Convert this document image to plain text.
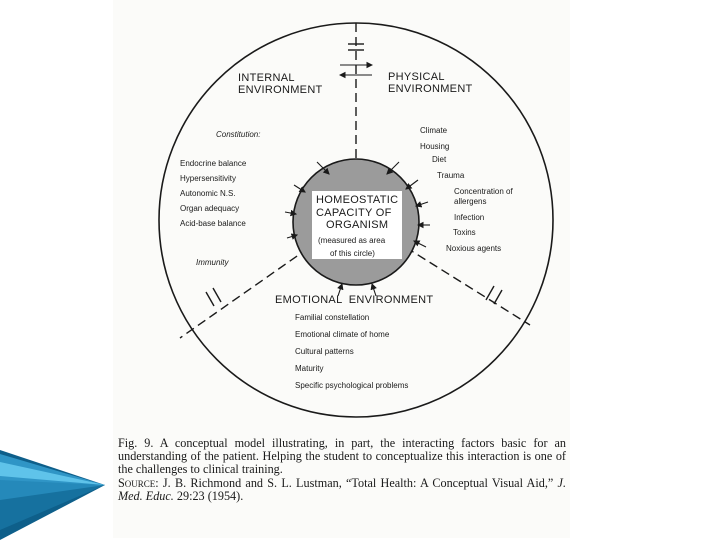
INTERNAL ENVIRONMENT
PHYSICAL ENVIRONMENT
EMOTIONAL  ENVIRONMENT
Constitution:
Endocrine balance
Hypersensitivity
Autonomic N.S.
Organ adequacy
Acid-base balance
Immunity
Climate
Housing
Diet
Trauma
Concentration of
allergens
Infection
Toxins
Noxious agents
Familial constellation
Emotional climate of home
Cultural patterns
Maturity
Specific psychological problems
HOMEOSTATIC
CAPACITY OF
ORGANISM
(measured as area
of this circle)

Fig. 9. A conceptual model illustrating, in part, the interacting factors basic for an understanding of the patient. Helping the student to conceptualize this interaction is one of the challenges to clinical training.

Source: J. B. Richmond and S. L. Lustman, “Total Health: A Conceptual Visual Aid,” J. Med. Educ. 29:23 (1954).
